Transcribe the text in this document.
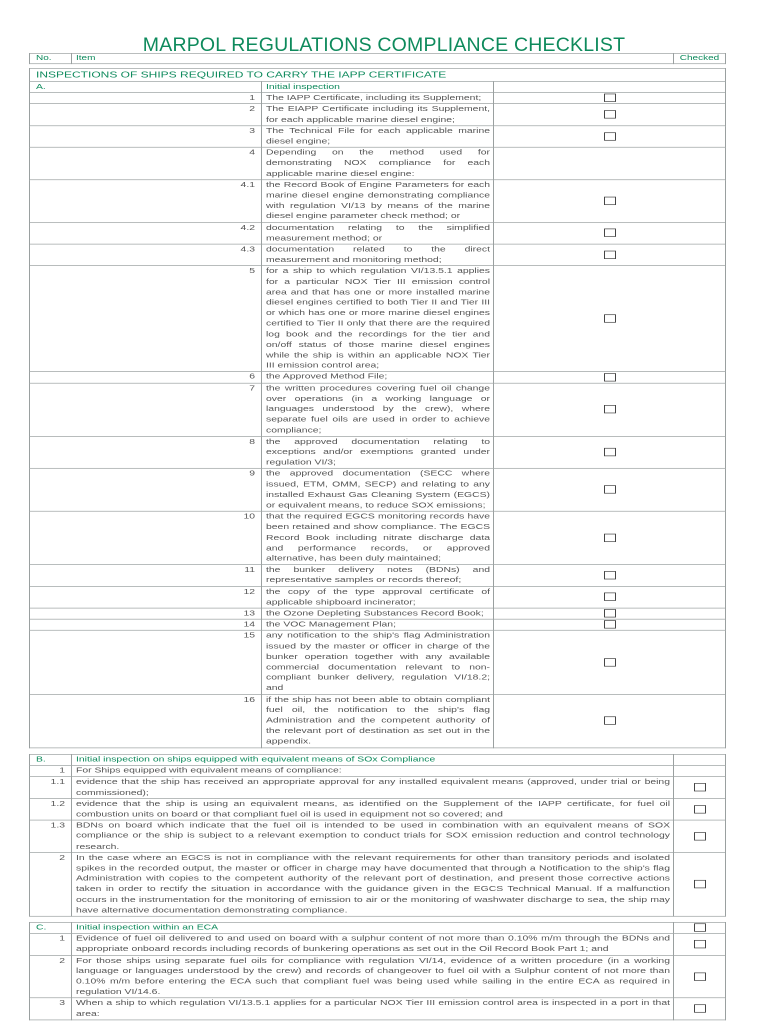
MARPOL REGULATIONS COMPLIANCE CHECKLIST
No.	Item	Checked
INSPECTIONS OF SHIPS REQUIRED TO CARRY THE IAPP CERTIFICATE		
A.	Initial inspection	
1	The IAPP Certificate, including its Supplement;	
2	The EIAPP Certificate including its Supplement, for each applicable marine diesel engine;	
3	The Technical File for each applicable marine diesel engine;	
4	Depending on the method used for demonstrating NOX compliance for each applicable marine diesel engine:	
4.1	the Record Book of Engine Parameters for each marine diesel engine demonstrating compliance with regulation VI/13 by means of the marine diesel engine parameter check method; or	
4.2	documentation relating to the simplified measurement method; or	
4.3	documentation related to the direct measurement and monitoring method;	
5	for a ship to which regulation VI/13.5.1 applies for a particular NOX Tier III emission control area and that has one or more installed marine diesel engines certified to both Tier II and Tier III or which has one or more marine diesel engines certified to Tier II only that there are the required log book and the recordings for the tier and on/off status of those marine diesel engines while the ship is within an applicable NOX Tier III emission control area;	
6	the Approved Method File;	
7	the written procedures covering fuel oil change over operations (in a working language or languages understood by the crew), where separate fuel oils are used in order to achieve compliance;	
8	the approved documentation relating to exceptions and/or exemptions granted under regulation VI/3;	
9	the approved documentation (SECC where issued, ETM, OMM, SECP) and relating to any installed Exhaust Gas Cleaning System (EGCS) or equivalent means, to reduce SOX emissions;	
10	that the required EGCS monitoring records have been retained and show compliance. The EGCS Record Book including nitrate discharge data and performance records, or approved alternative, has been duly maintained;	
11	the bunker delivery notes (BDNs) and representative samples or records thereof;	
12	the copy of the type approval certificate of applicable shipboard incinerator;	
13	the Ozone Depleting Substances Record Book;	
14	the VOC Management Plan;	
15	any notification to the ship's flag Administration issued by the master or officer in charge of the bunker operation together with any available commercial documentation relevant to non-compliant bunker delivery, regulation VI/18.2; and	
16	if the ship has not been able to obtain compliant fuel oil, the notification to the ship's flag Administration and the competent authority of the relevant port of destination as set out in the appendix.	
B.	Initial inspection on ships equipped with equivalent means of SOx Compliance	
1	For Ships equipped with equivalent means of compliance:	
1.1	evidence that the ship has received an appropriate approval for any installed equivalent means (approved, under trial or being commissioned);	
1.2	evidence that the ship is using an equivalent means, as identified on the Supplement of the IAPP certificate, for fuel oil combustion units on board or that compliant fuel oil is used in equipment not so covered; and	
1.3	BDNs on board which indicate that the fuel oil is intended to be used in combination with an equivalent means of SOX compliance or the ship is subject to a relevant exemption to conduct trials for SOX emission reduction and control technology research.	
2	In the case where an EGCS is not in compliance with the relevant requirements for other than transitory periods and isolated spikes in the recorded output, the master or officer in charge may have documented that through a Notification to the ship's flag Administration with copies to the competent authority of the relevant port of destination, and present those corrective actions taken in order to rectify the situation in accordance with the guidance given in the EGCS Technical Manual. If a malfunction occurs in the instrumentation for the monitoring of emission to air or the monitoring of washwater discharge to sea, the ship may have alternative documentation demonstrating compliance.	
C.	Initial inspection within an ECA	
1	Evidence of fuel oil delivered to and used on board with a sulphur content of not more than 0.10% m/m through the BDNs and appropriate onboard records including records of bunkering operations as set out in the Oil Record Book Part 1; and	
2	For those ships using separate fuel oils for compliance with regulation VI/14, evidence of a written procedure (in a working language or languages understood by the crew) and records of changeover to fuel oil with a Sulphur content of not more than 0.10% m/m before entering the ECA such that compliant fuel was being used while sailing in the entire ECA as required in regulation VI/14.6.	
3	When a ship to which regulation VI/13.5.1 applies for a particular NOX Tier III emission control area is inspected in a port in that area:	
